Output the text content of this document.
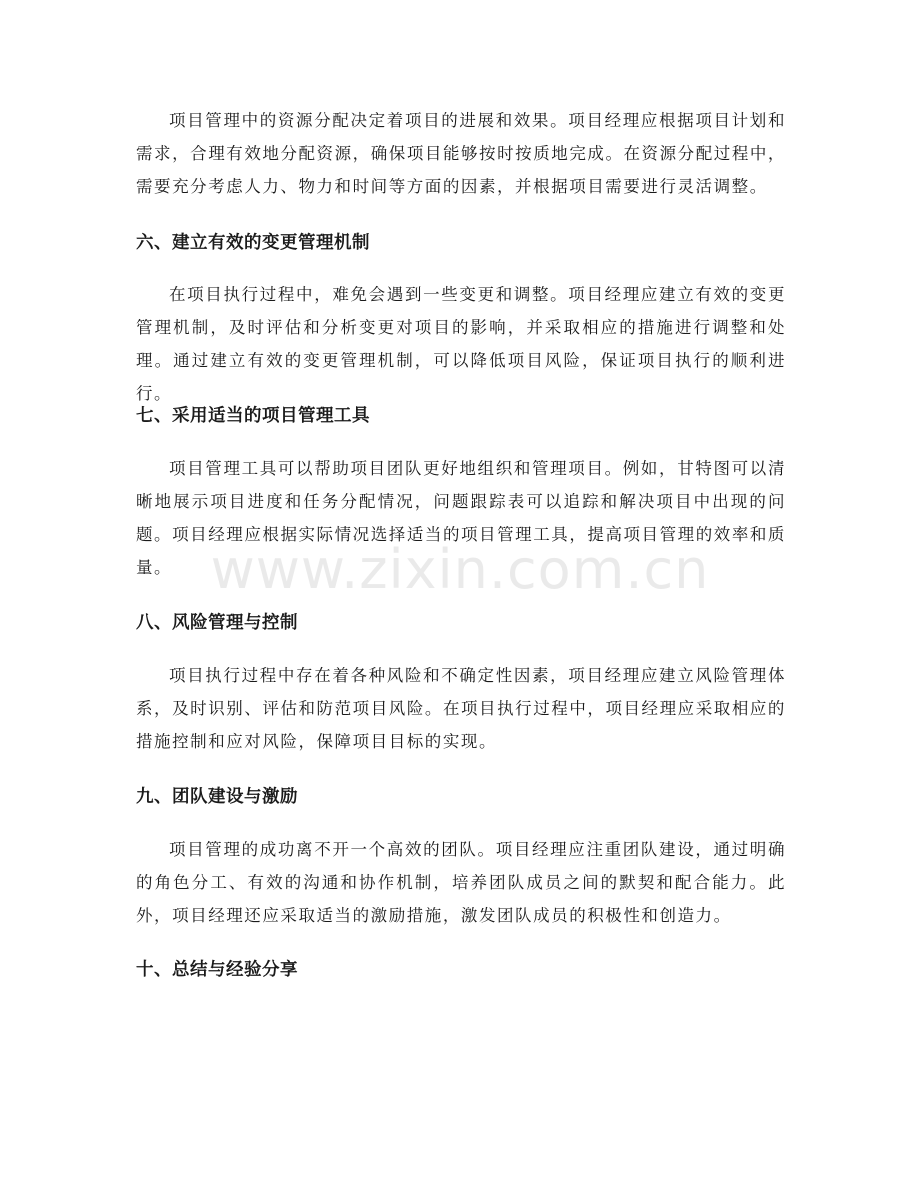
项目管理中的资源分配决定着项目的进展和效果。项目经理应根据项目计划和需求，合理有效地分配资源，确保项目能够按时按质地完成。在资源分配过程中，需要充分考虑人力、物力和时间等方面的因素，并根据项目需要进行灵活调整。

六、建立有效的变更管理机制

在项目执行过程中，难免会遇到一些变更和调整。项目经理应建立有效的变更管理机制，及时评估和分析变更对项目的影响，并采取相应的措施进行调整和处理。通过建立有效的变更管理机制，可以降低项目风险，保证项目执行的顺利进行。

七、采用适当的项目管理工具

项目管理工具可以帮助项目团队更好地组织和管理项目。例如，甘特图可以清晰地展示项目进度和任务分配情况，问题跟踪表可以追踪和解决项目中出现的问题。项目经理应根据实际情况选择适当的项目管理工具，提高项目管理的效率和质量。

八、风险管理与控制

项目执行过程中存在着各种风险和不确定性因素，项目经理应建立风险管理体系，及时识别、评估和防范项目风险。在项目执行过程中，项目经理应采取相应的措施控制和应对风险，保障项目目标的实现。

九、团队建设与激励

项目管理的成功离不开一个高效的团队。项目经理应注重团队建设，通过明确的角色分工、有效的沟通和协作机制，培养团队成员之间的默契和配合能力。此外，项目经理还应采取适当的激励措施，激发团队成员的积极性和创造力。

十、总结与经验分享
www.zixin.com.cn
